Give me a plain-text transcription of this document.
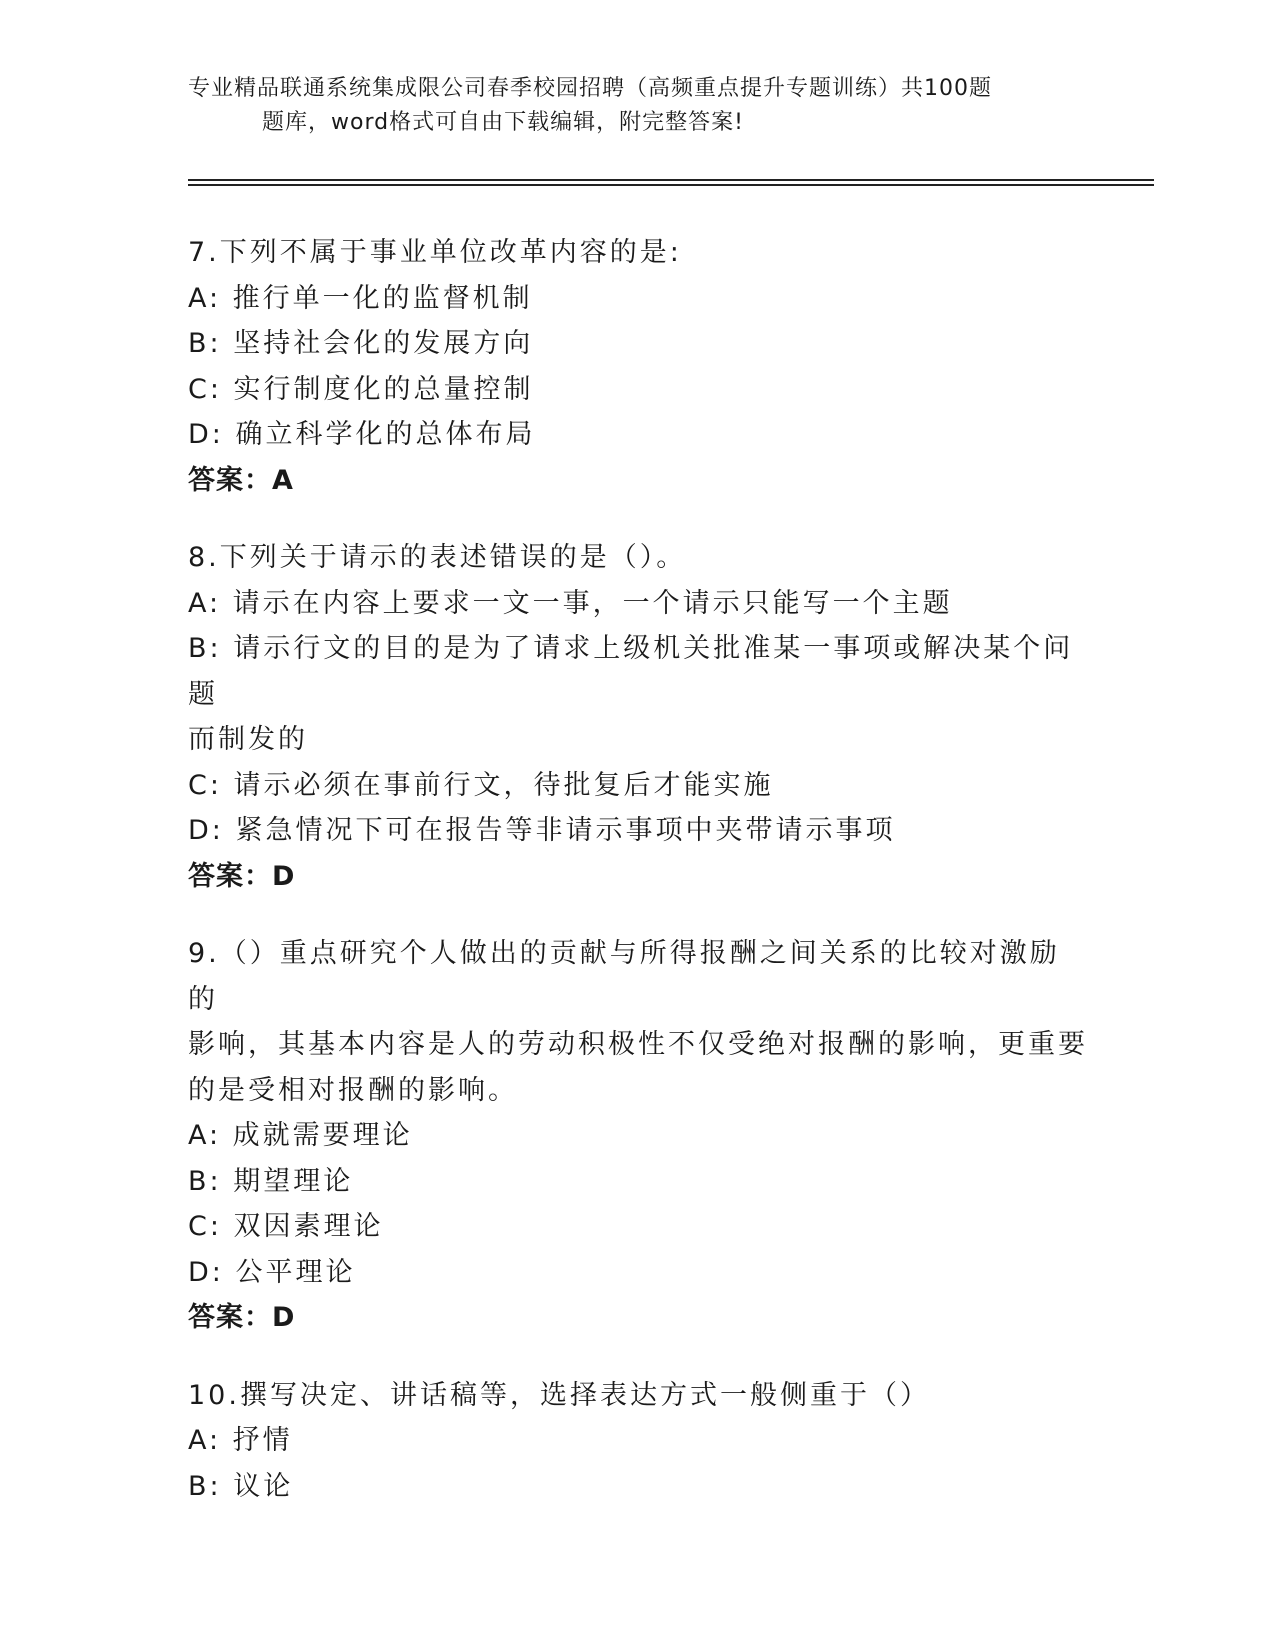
专业精品联通系统集成限公司春季校园招聘（高频重点提升专题训练）共100题
题库，word格式可自由下载编辑，附完整答案!
7.下列不属于事业单位改革内容的是:
A: 推行单一化的监督机制
B: 坚持社会化的发展方向
C: 实行制度化的总量控制
D: 确立科学化的总体布局
答案：A
8.下列关于请示的表述错误的是（）。
A: 请示在内容上要求一文一事，一个请示只能写一个主题
B: 请示行文的目的是为了请求上级机关批准某一事项或解决某个问题
而制发的
C: 请示必须在事前行文，待批复后才能实施
D: 紧急情况下可在报告等非请示事项中夹带请示事项
答案：D
9.（）重点研究个人做出的贡献与所得报酬之间关系的比较对激励的
影响，其基本内容是人的劳动积极性不仅受绝对报酬的影响，更重要
的是受相对报酬的影响。
A: 成就需要理论
B: 期望理论
C: 双因素理论
D: 公平理论
答案：D
10.撰写决定、讲话稿等，选择表达方式一般侧重于（）
A: 抒情
B: 议论
